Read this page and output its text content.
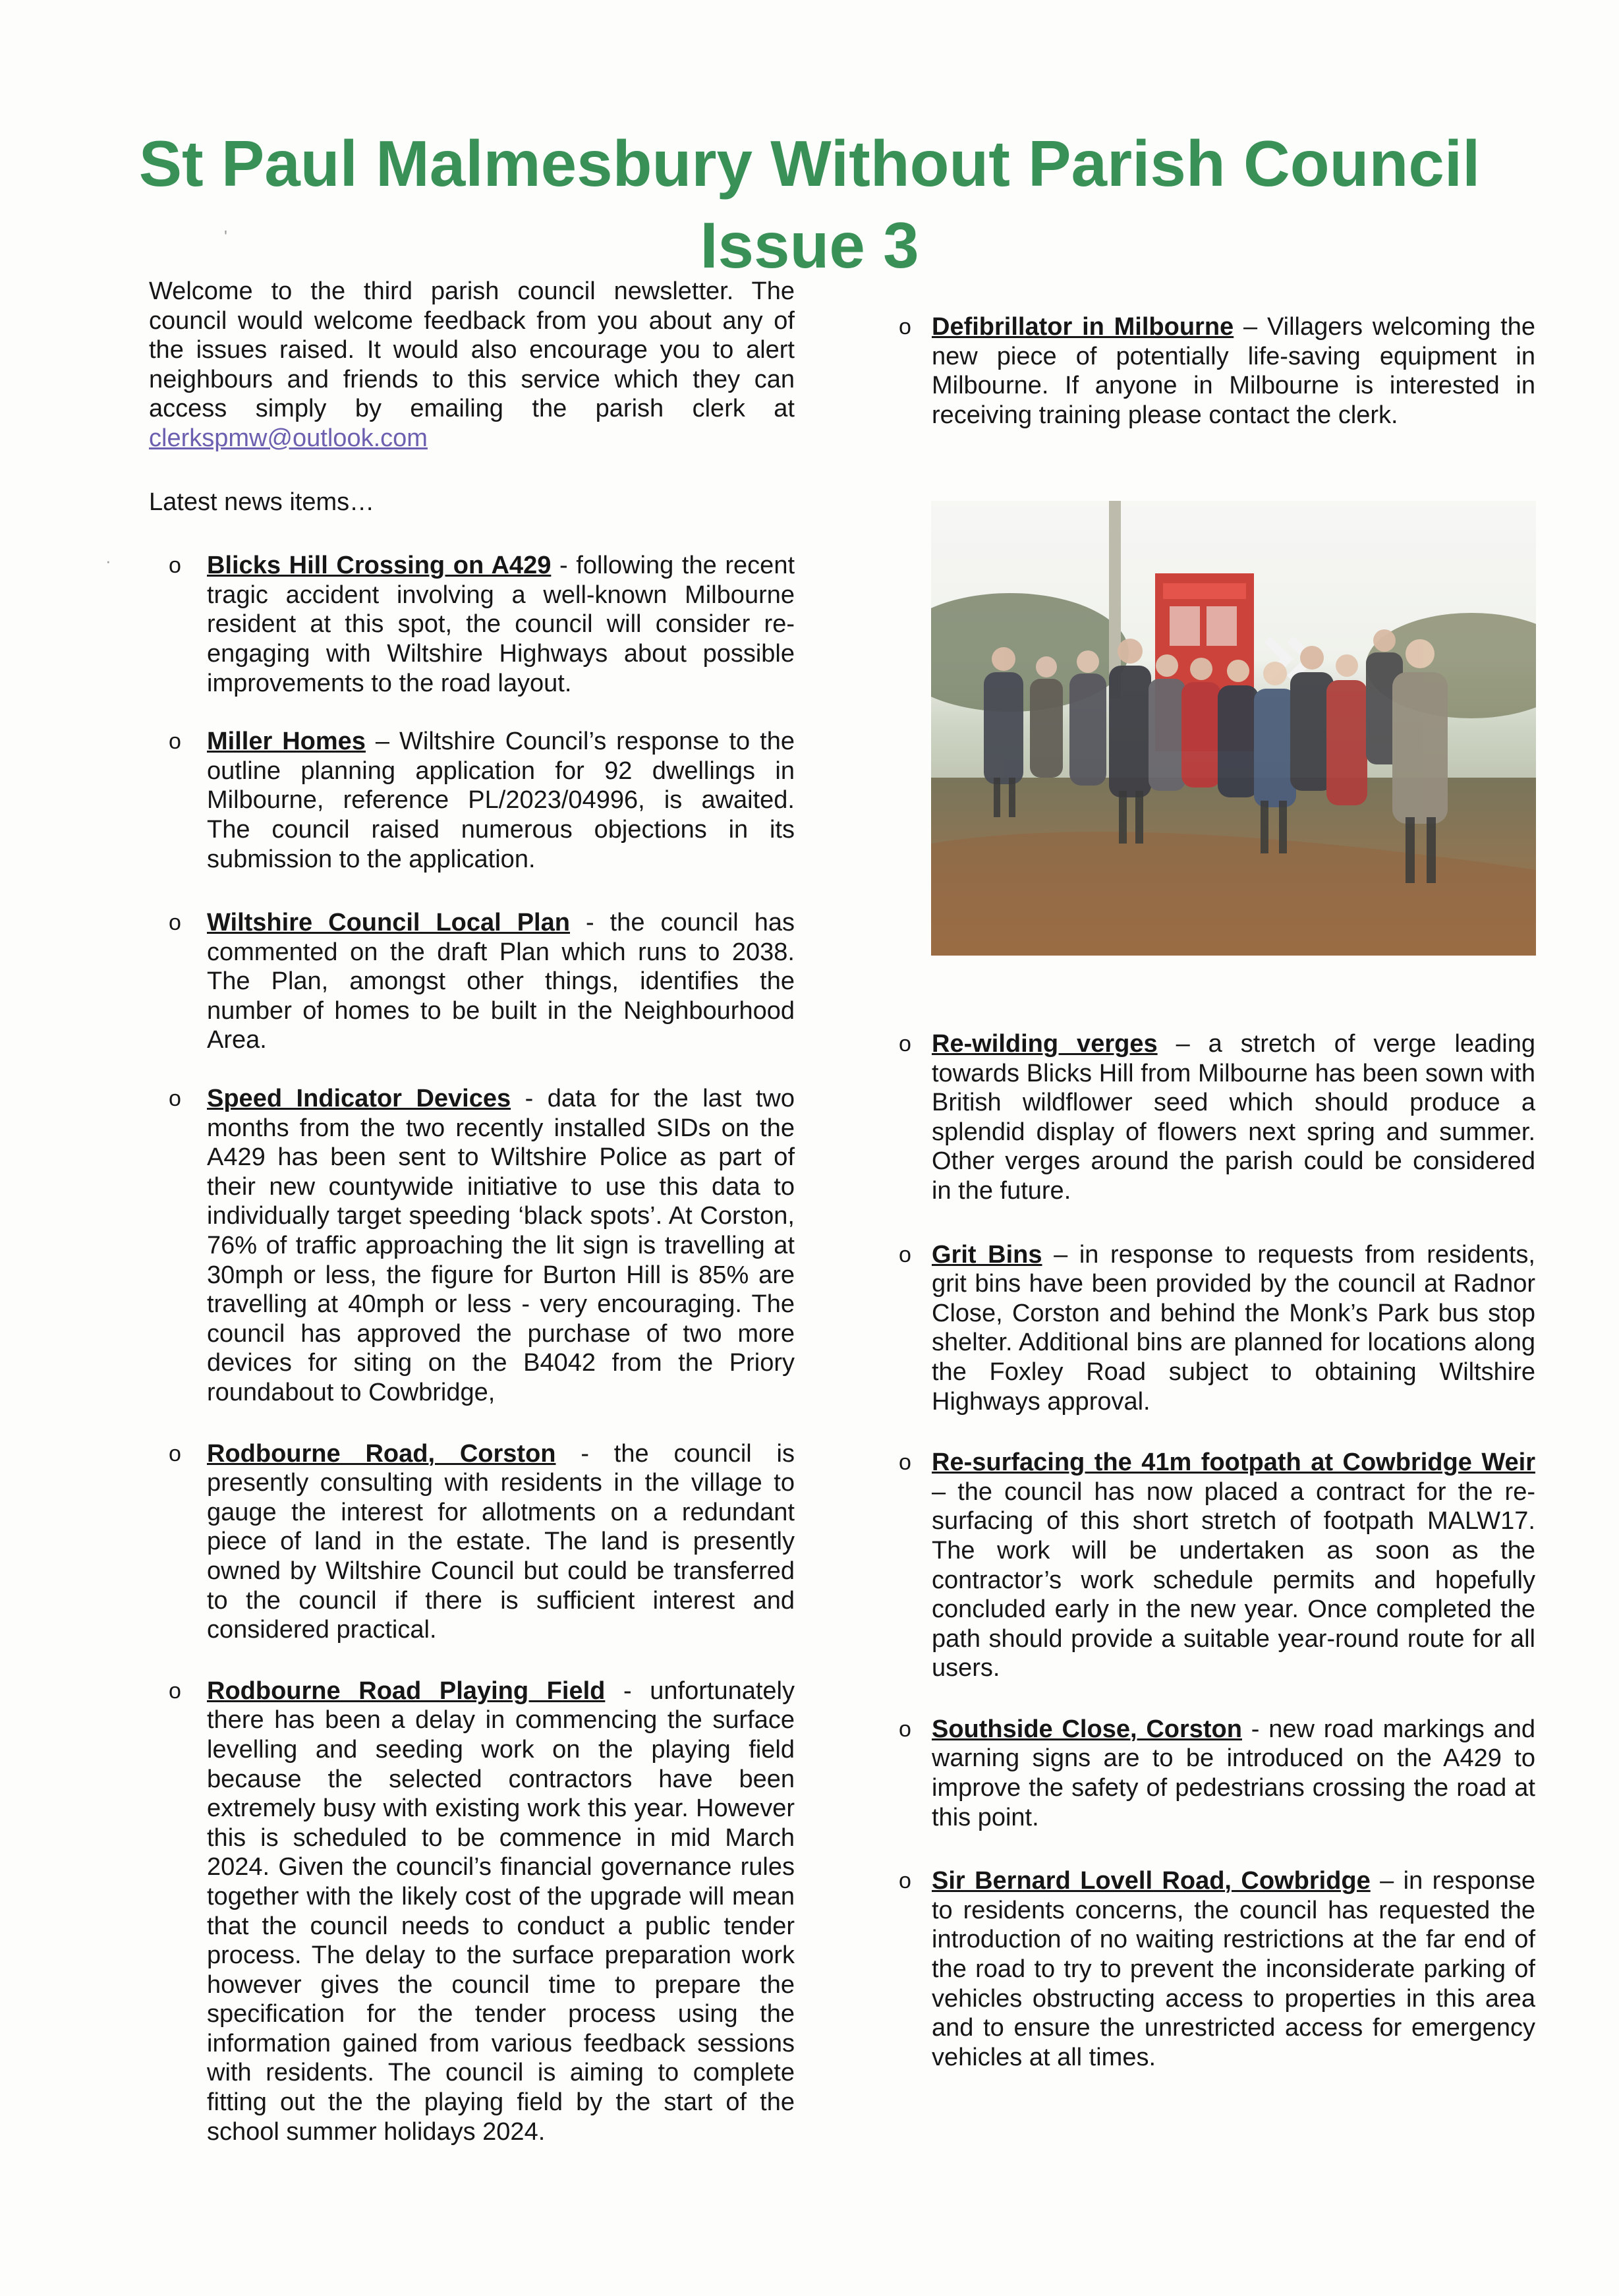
St Paul Malmesbury Without Parish Council
Issue 3

Welcome to the third parish council newsletter. The council would welcome feedback from you about any of the issues raised. It would also encourage you to alert neighbours and friends to this service which they can access simply by emailing the parish clerk at clerkspmw@outlook.com

Latest news items…

o Blicks Hill Crossing on A429 - following the recent tragic accident involving a well-known Milbourne resident at this spot, the council will consider re-engaging with Wiltshire Highways about possible improvements to the road layout.
o Miller Homes – Wiltshire Council’s response to the outline planning application for 92 dwellings in Milbourne, reference PL/2023/04996, is awaited. The council raised numerous objections in its submission to the application.
o Wiltshire Council Local Plan - the council has commented on the draft Plan which runs to 2038. The Plan, amongst other things, identifies the number of homes to be built in the Neighbourhood Area.
o Speed Indicator Devices - data for the last two months from the two recently installed SIDs on the A429 has been sent to Wiltshire Police as part of their new countywide initiative to use this data to individually target speeding ‘black spots’. At Corston, 76% of traffic approaching the lit sign is travelling at 30mph or less, the figure for Burton Hill is 85% are travelling at 40mph or less - very encouraging. The council has approved the purchase of two more devices for siting on the B4042 from the Priory roundabout to Cowbridge,
o Rodbourne Road, Corston - the council is presently consulting with residents in the village to gauge the interest for allotments on a redundant piece of land in the estate. The land is presently owned by Wiltshire Council but could be transferred to the council if there is sufficient interest and considered practical.
o Rodbourne Road Playing Field - unfortunately there has been a delay in commencing the surface levelling and seeding work on the playing field because the selected contractors have been extremely busy with existing work this year. However this is scheduled to be commence in mid March 2024. Given the council’s financial governance rules together with the likely cost of the upgrade will mean that the council needs to conduct a public tender process. The delay to the surface preparation work however gives the council time to prepare the specification for the tender process using the information gained from various feedback sessions with residents. The council is aiming to complete fitting out the the playing field by the start of the school summer holidays 2024.
o Defibrillator in Milbourne – Villagers welcoming the new piece of potentially life-saving equipment in Milbourne. If anyone in Milbourne is interested in receiving training please contact the clerk.
o Re-wilding verges – a stretch of verge leading towards Blicks Hill from Milbourne has been sown with British wildflower seed which should produce a splendid display of flowers next spring and summer. Other verges around the parish could be considered in the future.
o Grit Bins – in response to requests from residents, grit bins have been provided by the council at Radnor Close, Corston and behind the Monk’s Park bus stop shelter. Additional bins are planned for locations along the Foxley Road subject to obtaining Wiltshire Highways approval.
o Re-surfacing the 41m footpath at Cowbridge Weir – the council has now placed a contract for the re-surfacing of this short stretch of footpath MALW17. The work will be undertaken as soon as the contractor’s work schedule permits and hopefully concluded early in the new year. Once completed the path should provide a suitable year-round route for all users.
o Southside Close, Corston - new road markings and warning signs are to be introduced on the A429 to improve the safety of pedestrians crossing the road at this point.
o Sir Bernard Lovell Road, Cowbridge – in response to residents concerns, the council has requested the introduction of no waiting restrictions at the far end of the road to try to prevent the inconsiderate parking of vehicles obstructing access to properties in this area and to ensure the unrestricted access for emergency vehicles at all times.
ʹ
·
